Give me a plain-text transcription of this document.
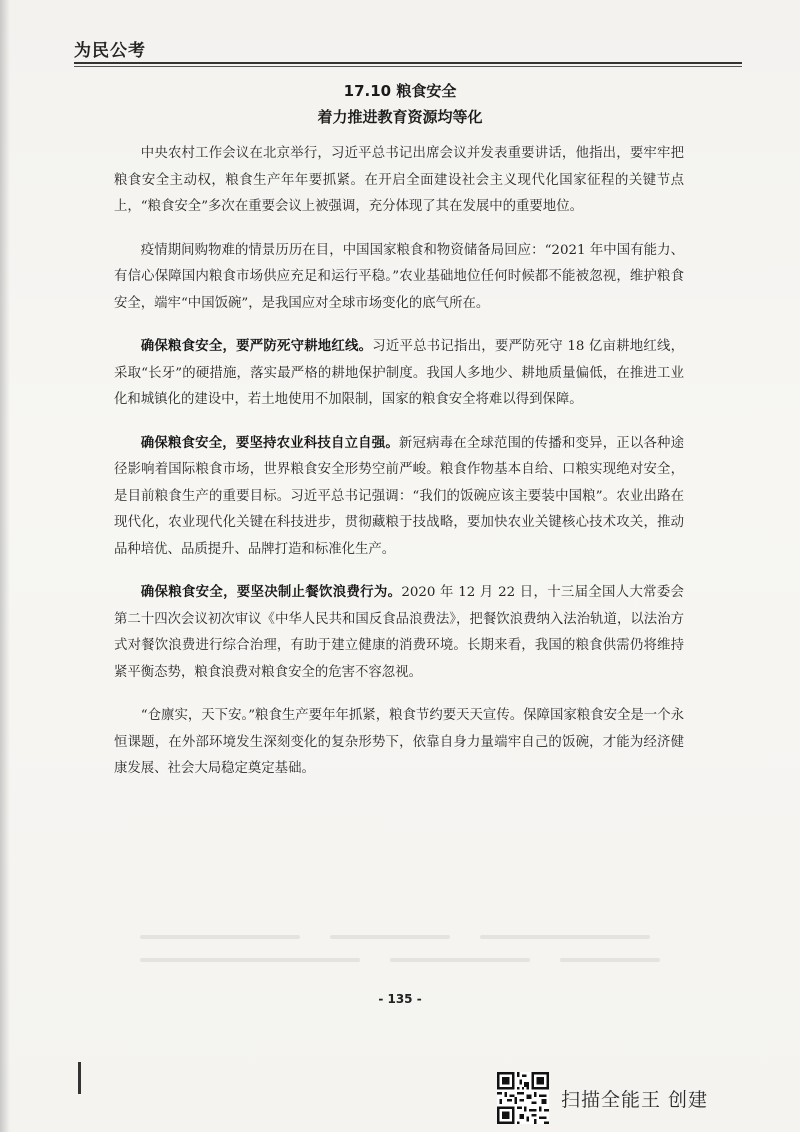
为民公考
17.10 粮食安全
着力推进教育资源均等化

中央农村工作会议在北京举行，习近平总书记出席会议并发表重要讲话，他指出，要牢牢把粮食安全主动权，粮食生产年年要抓紧。在开启全面建设社会主义现代化国家征程的关键节点上，“粮食安全”多次在重要会议上被强调，充分体现了其在发展中的重要地位。

疫情期间购物难的情景历历在目，中国国家粮食和物资储备局回应：“2021 年中国有能力、有信心保障国内粮食市场供应充足和运行平稳。”农业基础地位任何时候都不能被忽视，维护粮食安全，端牢“中国饭碗”，是我国应对全球市场变化的底气所在。

确保粮食安全，要严防死守耕地红线。习近平总书记指出，要严防死守 18 亿亩耕地红线，采取“长牙”的硬措施，落实最严格的耕地保护制度。我国人多地少、耕地质量偏低，在推进工业化和城镇化的建设中，若土地使用不加限制，国家的粮食安全将难以得到保障。

确保粮食安全，要坚持农业科技自立自强。新冠病毒在全球范围的传播和变异，正以各种途径影响着国际粮食市场，世界粮食安全形势空前严峻。粮食作物基本自给、口粮实现绝对安全，是目前粮食生产的重要目标。习近平总书记强调：“我们的饭碗应该主要装中国粮”。农业出路在现代化，农业现代化关键在科技进步，贯彻藏粮于技战略，要加快农业关键核心技术攻关，推动品种培优、品质提升、品牌打造和标准化生产。

确保粮食安全，要坚决制止餐饮浪费行为。2020 年 12 月 22 日，十三届全国人大常委会第二十四次会议初次审议《中华人民共和国反食品浪费法》，把餐饮浪费纳入法治轨道，以法治方式对餐饮浪费进行综合治理，有助于建立健康的消费环境。长期来看，我国的粮食供需仍将维持紧平衡态势，粮食浪费对粮食安全的危害不容忽视。

“仓廪实，天下安。”粮食生产要年年抓紧，粮食节约要天天宣传。保障国家粮食安全是一个永恒课题，在外部环境发生深刻变化的复杂形势下，依靠自身力量端牢自己的饭碗，才能为经济健康发展、社会大局稳定奠定基础。

- 135 -
扫描全能王 创建
